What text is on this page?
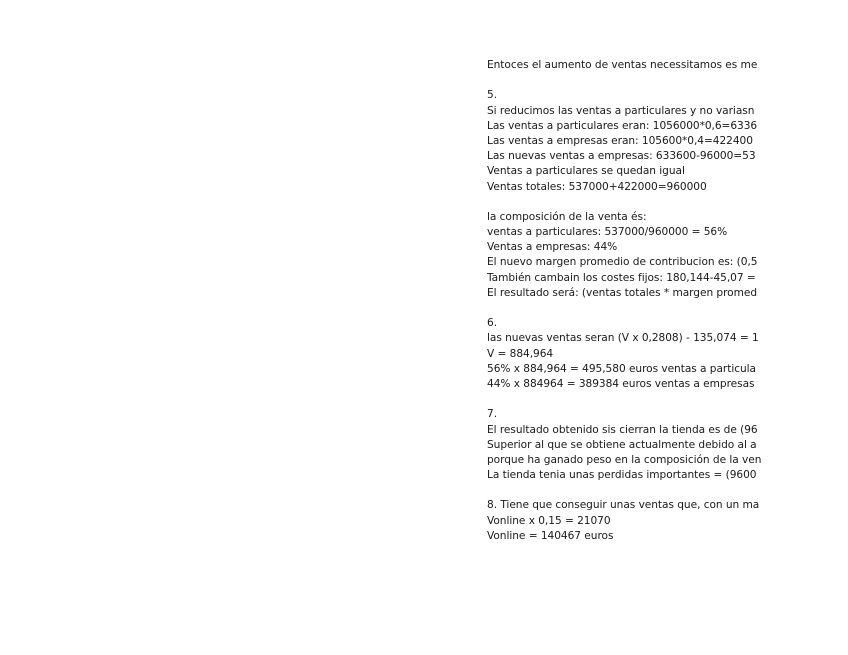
Entoces el aumento de ventas necessitamos es me
5.
Si reducimos las ventas a particulares y no variasn
Las ventas a particulares eran: 1056000*0,6=6336
Las ventas a empresas eran: 105600*0,4=422400
Las nuevas ventas a empresas: 633600-96000=53
Ventas a particulares se quedan igual
Ventas totales: 537000+422000=960000
la composición de la venta és:
ventas a particulares: 537000/960000 = 56%
Ventas a empresas: 44%
El nuevo margen promedio de contribucion es: (0,5
También cambain los costes fijos: 180,144-45,07 =
El resultado será: (ventas totales * margen promed
6.
las nuevas ventas seran (V x 0,2808) - 135,074 = 1
V = 884,964
56% x 884,964 = 495,580 euros ventas a particula
44% x 884964 = 389384 euros ventas a empresas
7.
El resultado obtenido sis cierran la tienda es de (96
Superior al que se obtiene actualmente debido al a
porque ha ganado peso en la composición de la ven
La tienda tenia unas perdidas importantes = (9600
8. Tiene que conseguir unas ventas que, con un ma
Vonline x 0,15 = 21070
Vonline = 140467 euros
